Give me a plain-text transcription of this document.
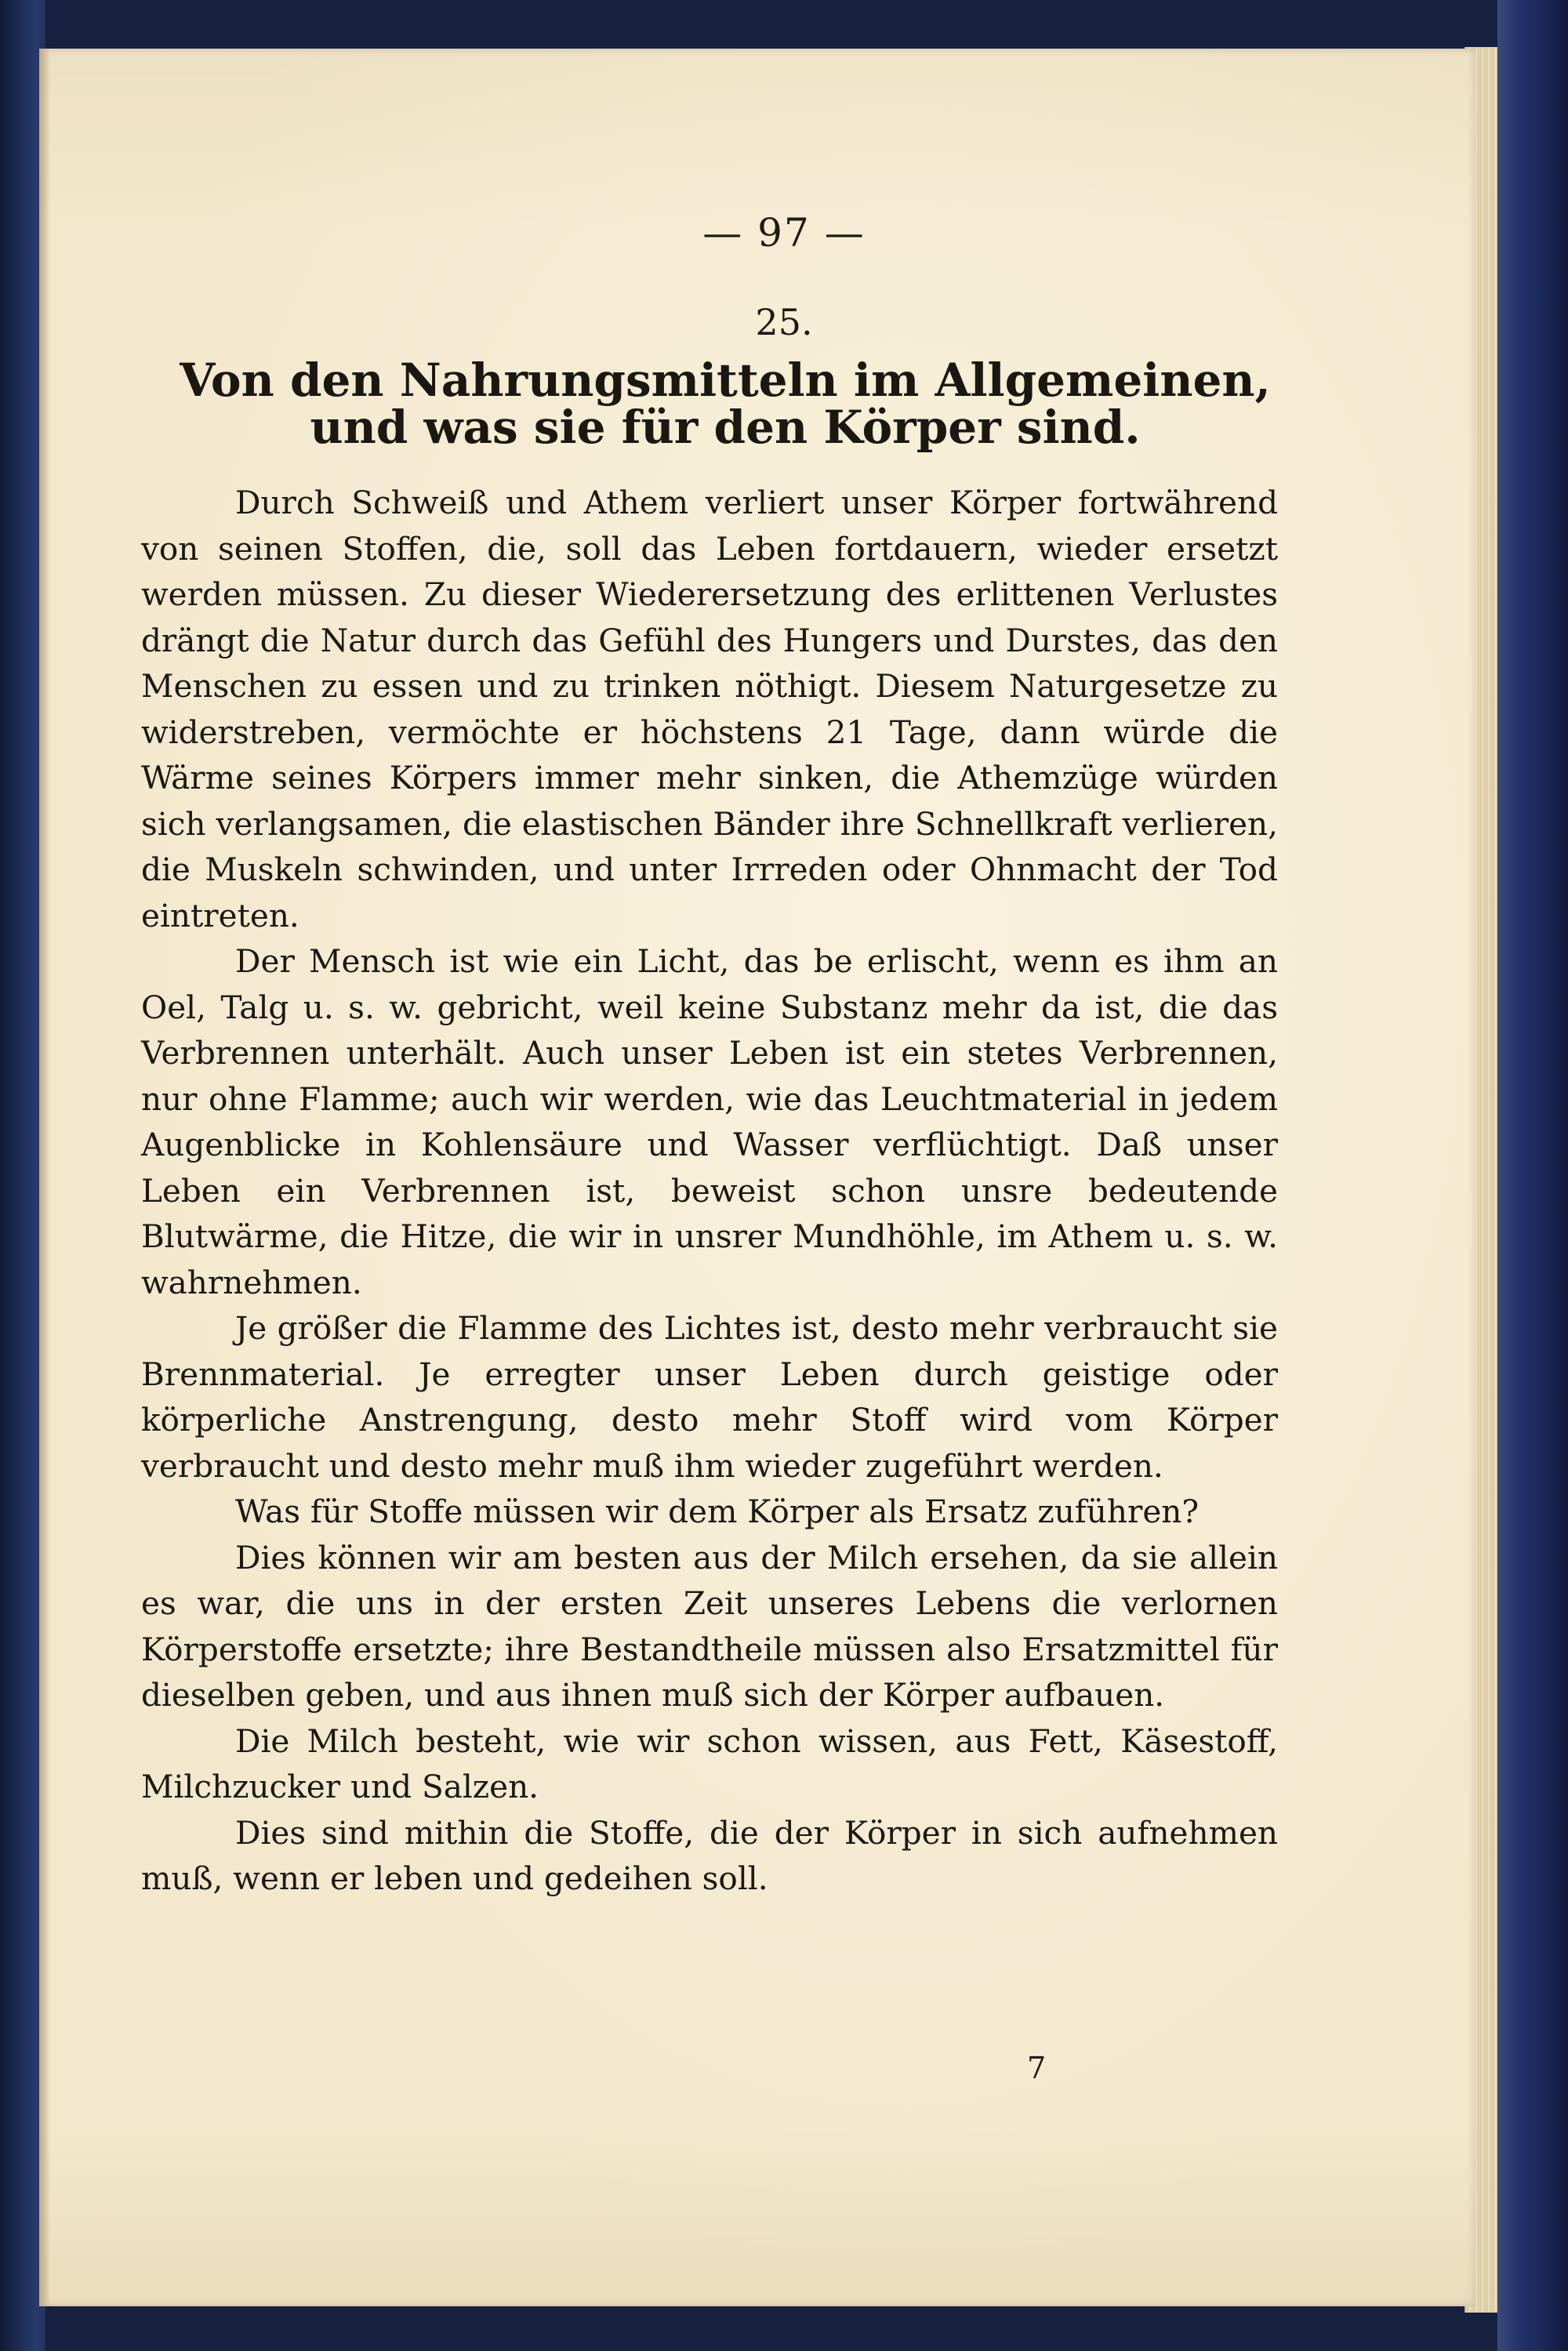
— 97 —
25.
Von den Nahrungsmitteln im Allgemeinen, und was sie für den Körper sind.

Durch Schweiß und Athem verliert unser Körper fortwährend von seinen Stoffen, die, soll das Leben fortdauern, wieder ersetzt werden müssen. Zu dieser Wiederersetzung des erlittenen Verlustes drängt die Natur durch das Gefühl des Hungers und Durstes, das den Menschen zu essen und zu trinken nöthigt. Diesem Naturgesetze zu widerstreben, vermöchte er höchstens 21 Tage, dann würde die Wärme seines Körpers immer mehr sinken, die Athemzüge würden sich verlangsamen, die elastischen Bänder ihre Schnellkraft verlieren, die Muskeln schwinden, und unter Irrreden oder Ohnmacht der Tod eintreten.

Der Mensch ist wie ein Licht, das be erlischt, wenn es ihm an Oel, Talg u. s. w. gebricht, weil keine Substanz mehr da ist, die das Verbrennen unterhält. Auch unser Leben ist ein stetes Verbrennen, nur ohne Flamme; auch wir werden, wie das Leuchtmaterial in jedem Augenblicke in Kohlensäure und Wasser verflüchtigt. Daß unser Leben ein Verbrennen ist, beweist schon unsre bedeutende Blutwärme, die Hitze, die wir in unsrer Mundhöhle, im Athem u. s. w. wahrnehmen.

Je größer die Flamme des Lichtes ist, desto mehr verbraucht sie Brennmaterial. Je erregter unser Leben durch geistige oder körperliche Anstrengung, desto mehr Stoff wird vom Körper verbraucht und desto mehr muß ihm wieder zugeführt werden.

Was für Stoffe müssen wir dem Körper als Ersatz zuführen?

Dies können wir am besten aus der Milch ersehen, da sie allein es war, die uns in der ersten Zeit unseres Lebens die verlornen Körperstoffe ersetzte; ihre Bestandtheile müssen also Ersatzmittel für dieselben geben, und aus ihnen muß sich der Körper aufbauen.

Die Milch besteht, wie wir schon wissen, aus Fett, Käsestoff, Milchzucker und Salzen.

Dies sind mithin die Stoffe, die der Körper in sich aufnehmen muß, wenn er leben und gedeihen soll.

7
